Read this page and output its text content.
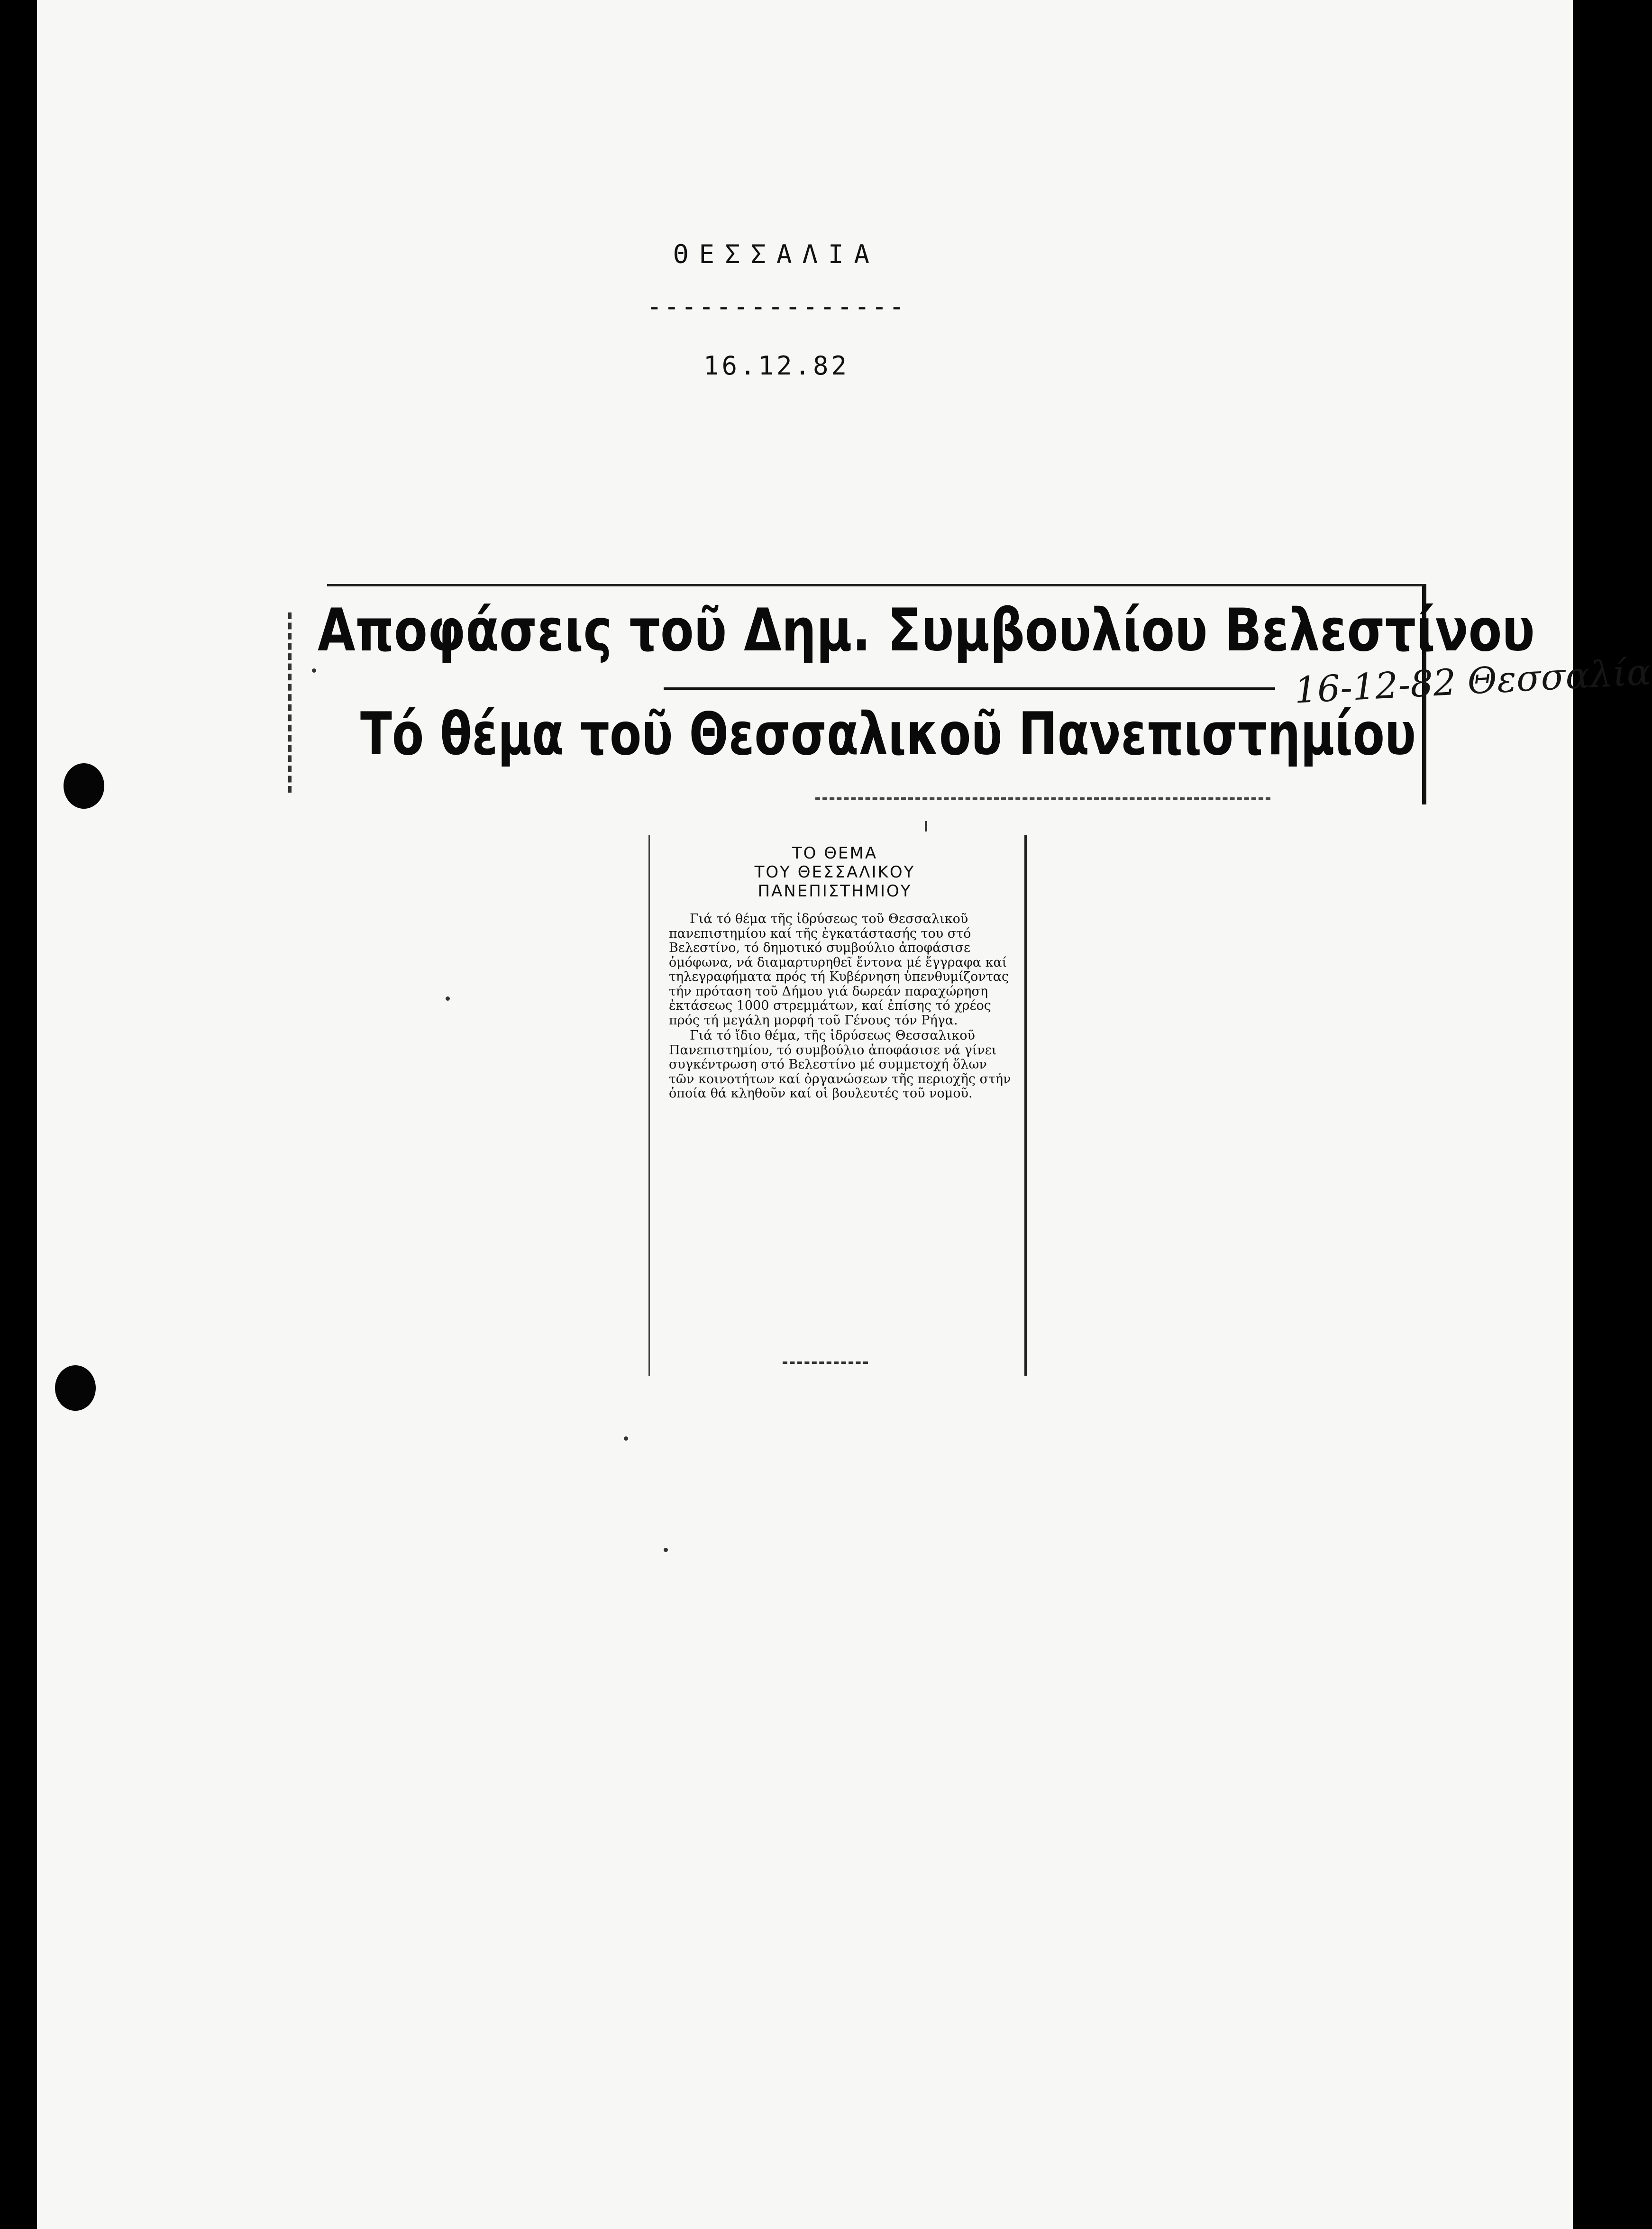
ΘΕΣΣΑΛΙΑ
---------------
16.12.82
Αποφάσεις τοῦ Δημ. Συμβουλίου Βελεστίνου
16-12-82 Θεσσαλία
Τό θέμα τοῦ Θεσσαλικοῦ Πανεπιστημίου
ΤΟ ΘΕΜΑ
ΤΟΥ ΘΕΣΣΑΛΙΚΟΥ
ΠΑΝΕΠΙΣΤΗΜΙΟΥ

Γιά τό θέμα τῆς ἱδρύσεως τοῦ Θεσσαλικοῦ πανεπιστημίου καί τῆς ἐγκατάστασής του στό Βελεστίνο, τό δημοτικό συμβούλιο ἀποφάσισε ὁμόφωνα, νά διαμαρτυρηθεῖ ἔντονα μέ ἔγγραφα καί τηλεγραφήματα πρός τή Κυβέρνηση ὑπενθυμίζοντας τήν πρόταση τοῦ Δήμου γιά δωρεάν παραχώρηση ἐκτάσεως 1000 στρεμμάτων, καί ἐπίσης τό χρέος πρός τή μεγάλη μορφή τοῦ Γένους τόν Ρήγα.

Γιά τό ἴδιο θέμα, τῆς ἱδρύσεως Θεσσαλικοῦ Πανεπιστημίου, τό συμβούλιο ἀποφάσισε νά γίνει συγκέντρωση στό Βελεστίνο μέ συμμετοχή ὅλων τῶν κοινοτήτων καί ὀργανώσεων τῆς περιοχῆς στήν ὁποία θά κληθοῦν καί οἱ βουλευτές τοῦ νομοῦ.
